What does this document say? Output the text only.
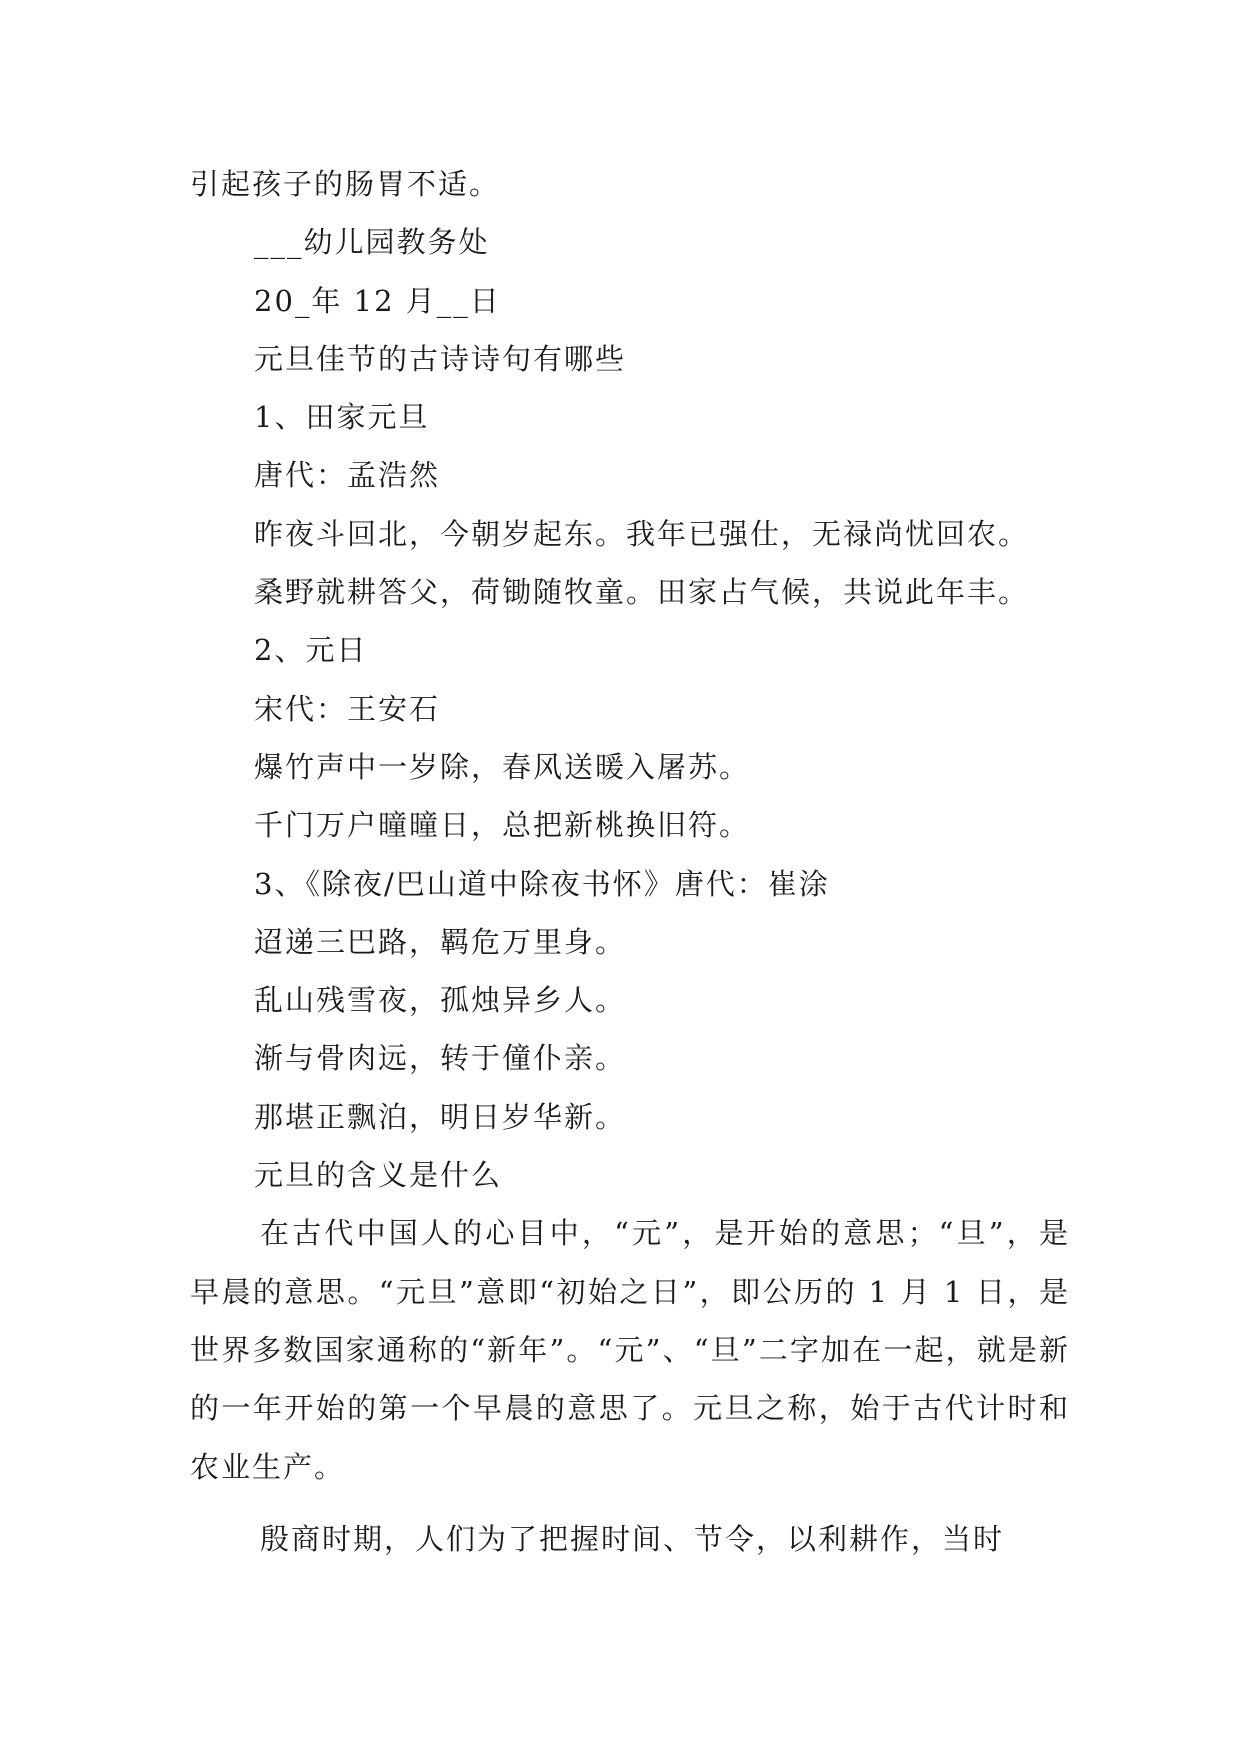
引起孩子的肠胃不适。

___幼儿园教务处

20_年 12 月__日

元旦佳节的古诗诗句有哪些

1、田家元旦

唐代：孟浩然

昨夜斗回北，今朝岁起东。我年已强仕，无禄尚忧回农。

桑野就耕答父，荷锄随牧童。田家占气候，共说此年丰。

2、元日

宋代：王安石

爆竹声中一岁除，春风送暖入屠苏。

千门万户曈曈日，总把新桃换旧符。

3、《除夜/巴山道中除夜书怀》唐代：崔涂

迢递三巴路，羁危万里身。

乱山残雪夜，孤烛异乡人。

渐与骨肉远，转于僮仆亲。

那堪正飘泊，明日岁华新。

元旦的含义是什么

在古代中国人的心目中，“元”，是开始的意思；“旦”，是早晨的意思。“元旦”意即“初始之日”，即公历的 1 月 1 日，是世界多数国家通称的“新年”。“元”、“旦”二字加在一起，就是新的一年开始的第一个早晨的意思了。元旦之称，始于古代计时和农业生产。

殷商时期，人们为了把握时间、节令，以利耕作，当时
